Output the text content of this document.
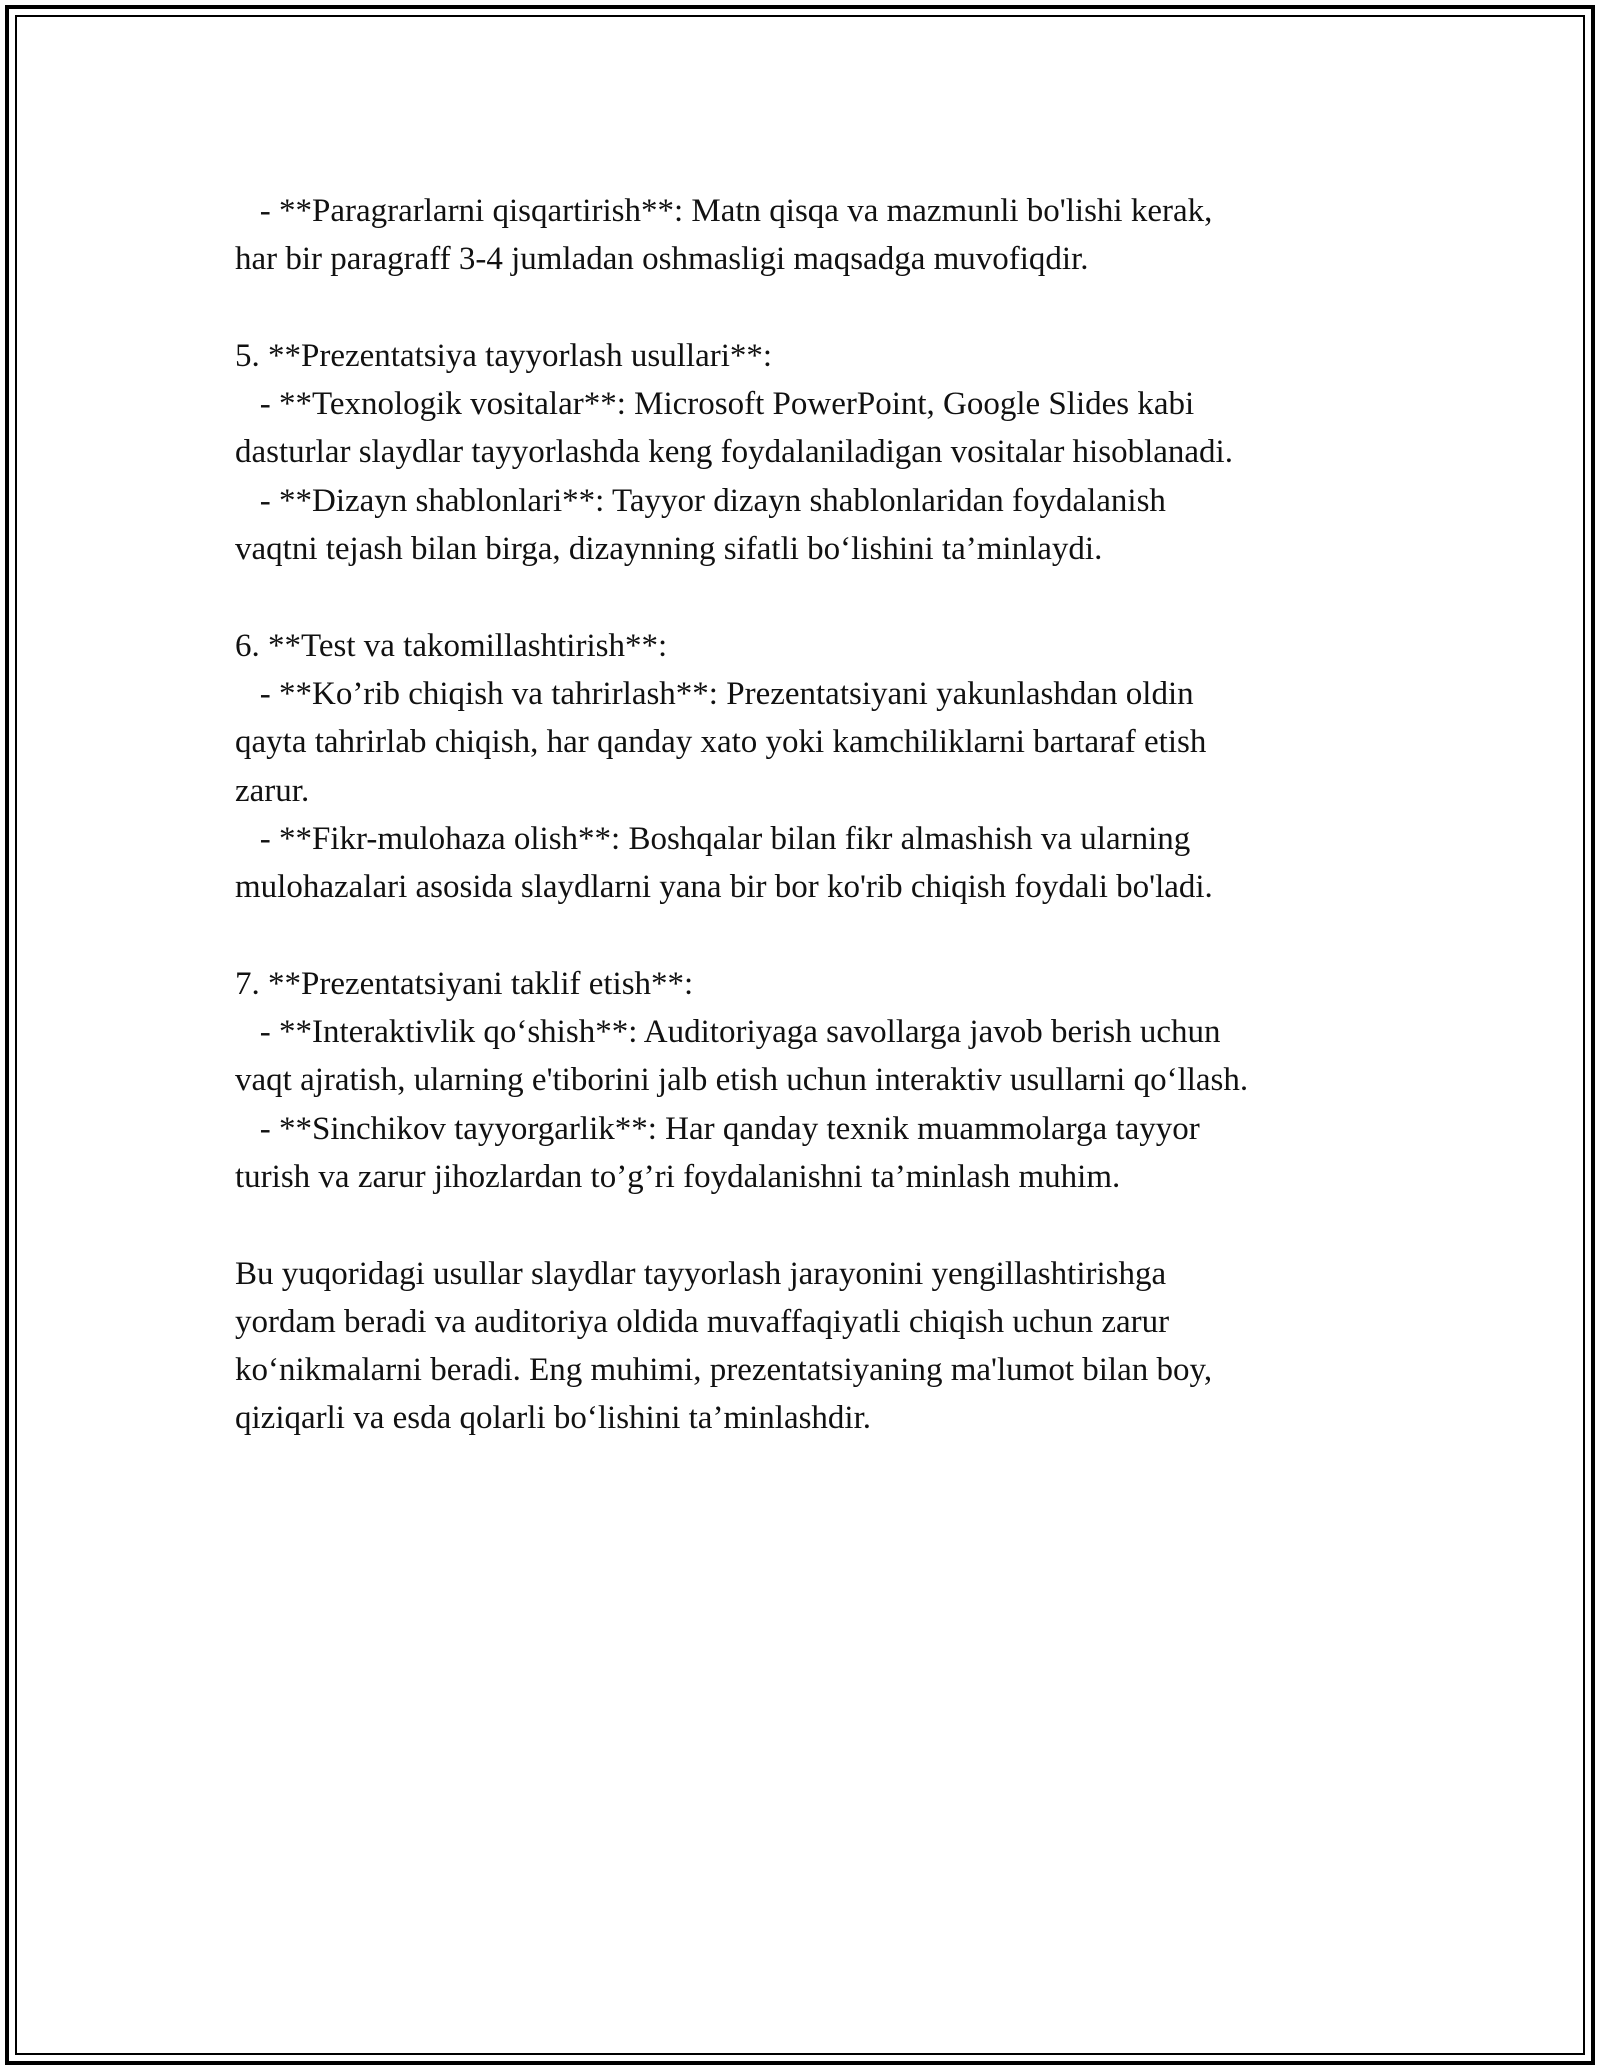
- **Paragrarlarni qisqartirish**: Matn qisqa va mazmunli bo'lishi kerak,
har bir paragraff 3-4 jumladan oshmasligi maqsadga muvofiqdir.
5. **Prezentatsiya tayyorlash usullari**:
- **Texnologik vositalar**: Microsoft PowerPoint, Google Slides kabi
dasturlar slaydlar tayyorlashda keng foydalaniladigan vositalar hisoblanadi.
- **Dizayn shablonlari**: Tayyor dizayn shablonlaridan foydalanish
vaqtni tejash bilan birga, dizaynning sifatli bo‘lishini ta’minlaydi.
6. **Test va takomillashtirish**:
- **Ko’rib chiqish va tahrirlash**: Prezentatsiyani yakunlashdan oldin
qayta tahrirlab chiqish, har qanday xato yoki kamchiliklarni bartaraf etish
zarur.
- **Fikr-mulohaza olish**: Boshqalar bilan fikr almashish va ularning
mulohazalari asosida slaydlarni yana bir bor ko'rib chiqish foydali bo'ladi.
7. **Prezentatsiyani taklif etish**:
- **Interaktivlik qo‘shish**: Auditoriyaga savollarga javob berish uchun
vaqt ajratish, ularning e'tiborini jalb etish uchun interaktiv usullarni qo‘llash.
- **Sinchikov tayyorgarlik**: Har qanday texnik muammolarga tayyor
turish va zarur jihozlardan to’g’ri foydalanishni ta’minlash muhim.
Bu yuqoridagi usullar slaydlar tayyorlash jarayonini yengillashtirishga
yordam beradi va auditoriya oldida muvaffaqiyatli chiqish uchun zarur
ko‘nikmalarni beradi. Eng muhimi, prezentatsiyaning ma'lumot bilan boy,
qiziqarli va esda qolarli bo‘lishini ta’minlashdir.
